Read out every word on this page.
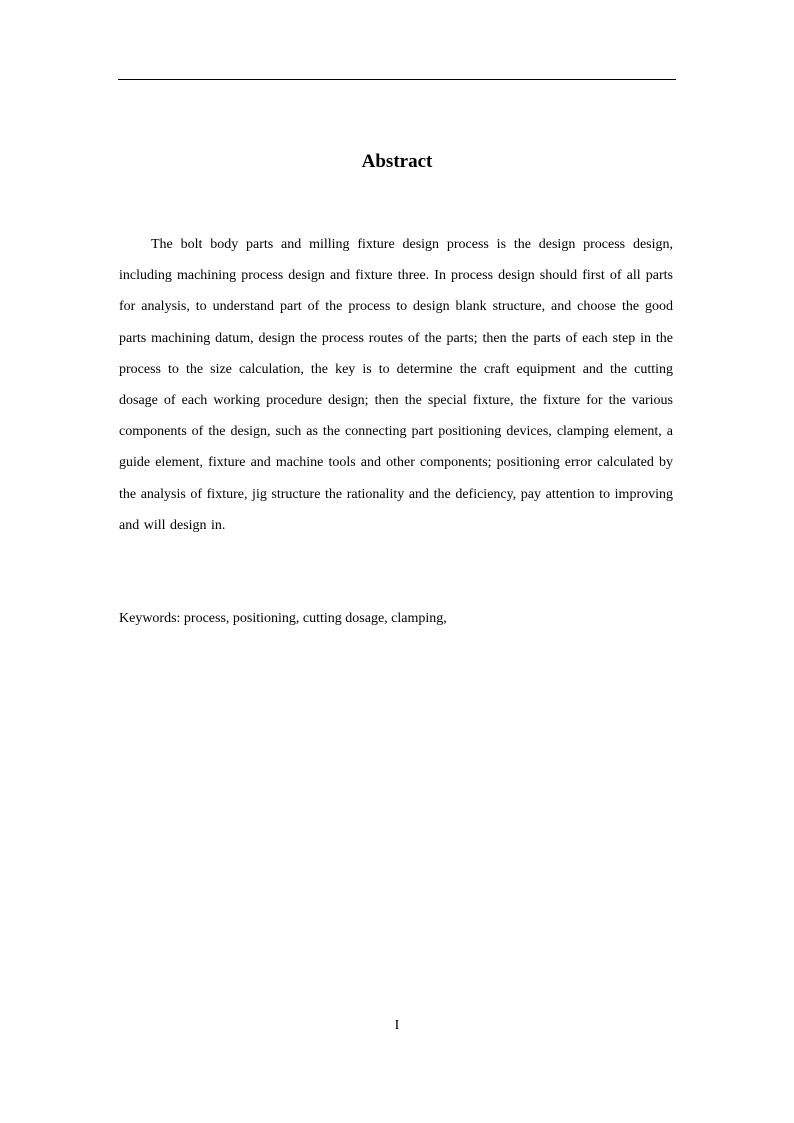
Abstract

The bolt body parts and milling fixture design process is the design process design, including machining process design and fixture three. In process design should first of all parts for analysis, to understand part of the process to design blank structure, and choose the good parts machining datum, design the process routes of the parts; then the parts of each step in the process to the size calculation, the key is to determine the craft equipment and the cutting dosage of each working procedure design; then the special fixture, the fixture for the various components of the design, such as the connecting part positioning devices, clamping element, a guide element, fixture and machine tools and other components; positioning error calculated by the analysis of fixture, jig structure the rationality and the deficiency, pay attention to improving and will design in.

Keywords: process, positioning, cutting dosage, clamping,

I
